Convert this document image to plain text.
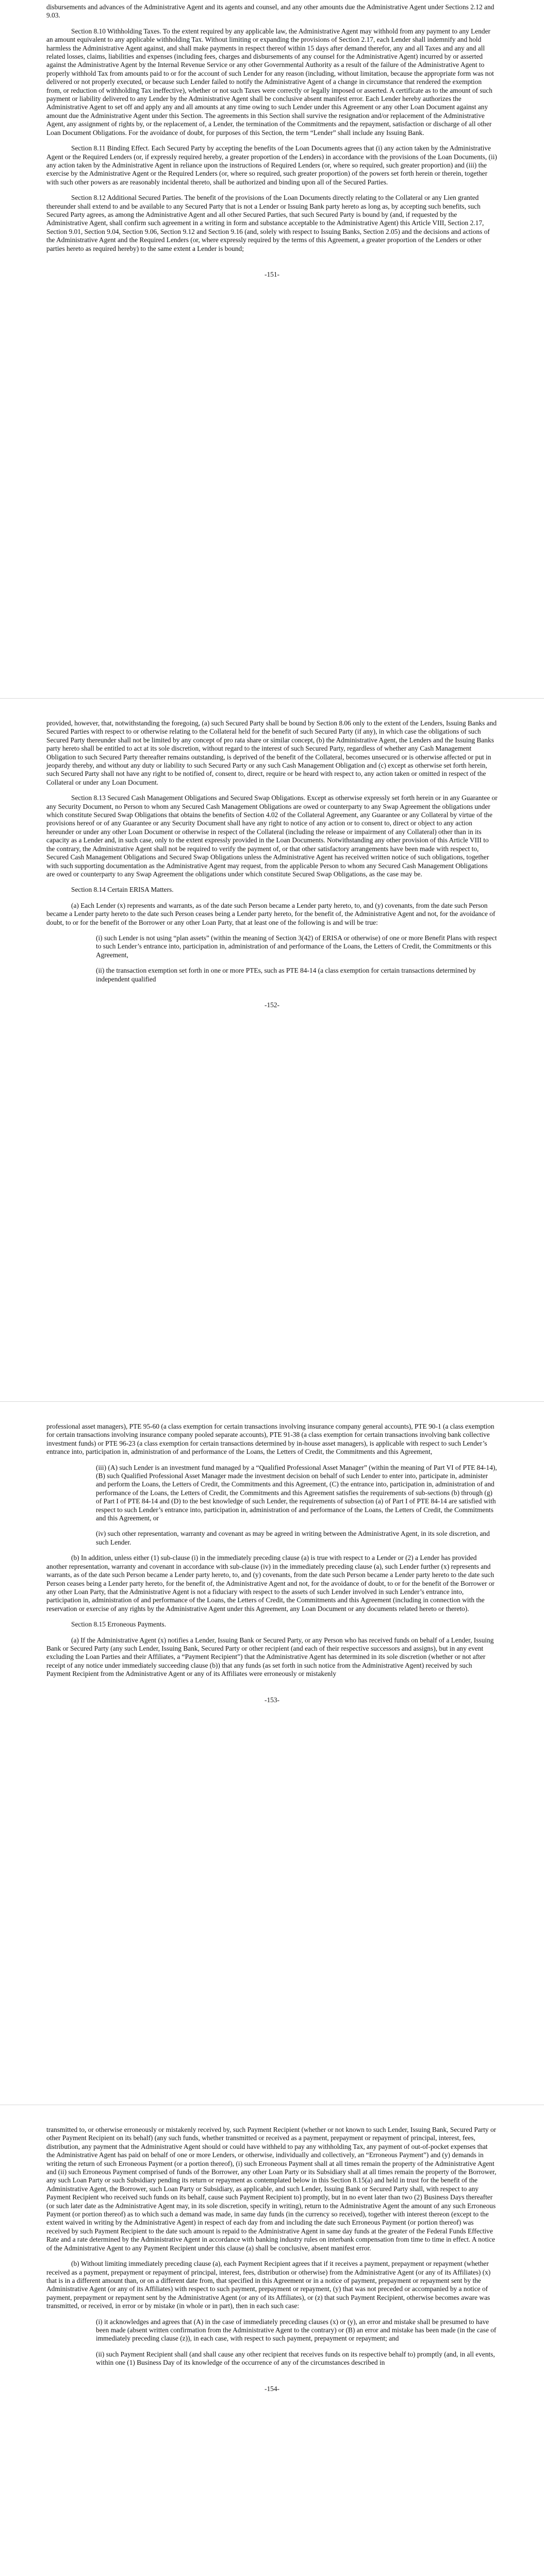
disbursements and advances of the Administrative Agent and its agents and counsel, and any other amounts due the Administrative Agent under Sections 2.12 and 9.03.

Section 8.10 Withholding Taxes. To the extent required by any applicable law, the Administrative Agent may withhold from any payment to any Lender an amount equivalent to any applicable withholding Tax. Without limiting or expanding the provisions of Section 2.17, each Lender shall indemnify and hold harmless the Administrative Agent against, and shall make payments in respect thereof within 15 days after demand therefor, any and all Taxes and any and all related losses, claims, liabilities and expenses (including fees, charges and disbursements of any counsel for the Administrative Agent) incurred by or asserted against the Administrative Agent by the Internal Revenue Service or any other Governmental Authority as a result of the failure of the Administrative Agent to properly withhold Tax from amounts paid to or for the account of such Lender for any reason (including, without limitation, because the appropriate form was not delivered or not properly executed, or because such Lender failed to notify the Administrative Agent of a change in circumstance that rendered the exemption from, or reduction of withholding Tax ineffective), whether or not such Taxes were correctly or legally imposed or asserted. A certificate as to the amount of such payment or liability delivered to any Lender by the Administrative Agent shall be conclusive absent manifest error. Each Lender hereby authorizes the Administrative Agent to set off and apply any and all amounts at any time owing to such Lender under this Agreement or any other Loan Document against any amount due the Administrative Agent under this Section. The agreements in this Section shall survive the resignation and/or replacement of the Administrative Agent, any assignment of rights by, or the replacement of, a Lender, the termination of the Commitments and the repayment, satisfaction or discharge of all other Loan Document Obligations. For the avoidance of doubt, for purposes of this Section, the term “Lender” shall include any Issuing Bank.

Section 8.11 Binding Effect. Each Secured Party by accepting the benefits of the Loan Documents agrees that (i) any action taken by the Administrative Agent or the Required Lenders (or, if expressly required hereby, a greater proportion of the Lenders) in accordance with the provisions of the Loan Documents, (ii) any action taken by the Administrative Agent in reliance upon the instructions of Required Lenders (or, where so required, such greater proportion) and (iii) the exercise by the Administrative Agent or the Required Lenders (or, where so required, such greater proportion) of the powers set forth herein or therein, together with such other powers as are reasonably incidental thereto, shall be authorized and binding upon all of the Secured Parties.

Section 8.12 Additional Secured Parties. The benefit of the provisions of the Loan Documents directly relating to the Collateral or any Lien granted thereunder shall extend to and be available to any Secured Party that is not a Lender or Issuing Bank party hereto as long as, by accepting such benefits, such Secured Party agrees, as among the Administrative Agent and all other Secured Parties, that such Secured Party is bound by (and, if requested by the Administrative Agent, shall confirm such agreement in a writing in form and substance acceptable to the Administrative Agent) this Article VIII, Section 2.17, Section 9.01, Section 9.04, Section 9.06, Section 9.12 and Section 9.16 (and, solely with respect to Issuing Banks, Section 2.05) and the decisions and actions of the Administrative Agent and the Required Lenders (or, where expressly required by the terms of this Agreement, a greater proportion of the Lenders or other parties hereto as required hereby) to the same extent a Lender is bound;

-151-

provided, however, that, notwithstanding the foregoing, (a) such Secured Party shall be bound by Section 8.06 only to the extent of the Lenders, Issuing Banks and Secured Parties with respect to or otherwise relating to the Collateral held for the benefit of such Secured Party (if any), in which case the obligations of such Secured Party thereunder shall not be limited by any concept of pro rata share or similar concept, (b) the Administrative Agent, the Lenders and the Issuing Banks party hereto shall be entitled to act at its sole discretion, without regard to the interest of such Secured Party, regardless of whether any Cash Management Obligation to such Secured Party thereafter remains outstanding, is deprived of the benefit of the Collateral, becomes unsecured or is otherwise affected or put in jeopardy thereby, and without any duty or liability to such Secured Party or any such Cash Management Obligation and (c) except as otherwise set forth herein, such Secured Party shall not have any right to be notified of, consent to, direct, require or be heard with respect to, any action taken or omitted in respect of the Collateral or under any Loan Document.

Section 8.13 Secured Cash Management Obligations and Secured Swap Obligations. Except as otherwise expressly set forth herein or in any Guarantee or any Security Document, no Person to whom any Secured Cash Management Obligations are owed or counterparty to any Swap Agreement the obligations under which constitute Secured Swap Obligations that obtains the benefits of Section 4.02 of the Collateral Agreement, any Guarantee or any Collateral by virtue of the provisions hereof or of any Guarantee or any Security Document shall have any right to notice of any action or to consent to, direct or object to any action hereunder or under any other Loan Document or otherwise in respect of the Collateral (including the release or impairment of any Collateral) other than in its capacity as a Lender and, in such case, only to the extent expressly provided in the Loan Documents. Notwithstanding any other provision of this Article VIII to the contrary, the Administrative Agent shall not be required to verify the payment of, or that other satisfactory arrangements have been made with respect to, Secured Cash Management Obligations and Secured Swap Obligations unless the Administrative Agent has received written notice of such obligations, together with such supporting documentation as the Administrative Agent may request, from the applicable Person to whom any Secured Cash Management Obligations are owed or counterparty to any Swap Agreement the obligations under which constitute Secured Swap Obligations, as the case may be.

Section 8.14 Certain ERISA Matters.

(a) Each Lender (x) represents and warrants, as of the date such Person became a Lender party hereto, to, and (y) covenants, from the date such Person became a Lender party hereto to the date such Person ceases being a Lender party hereto, for the benefit of, the Administrative Agent and not, for the avoidance of doubt, to or for the benefit of the Borrower or any other Loan Party, that at least one of the following is and will be true:

(i) such Lender is not using “plan assets” (within the meaning of Section 3(42) of ERISA or otherwise) of one or more Benefit Plans with respect to such Lender’s entrance into, participation in, administration of and performance of the Loans, the Letters of Credit, the Commitments or this Agreement,

(ii) the transaction exemption set forth in one or more PTEs, such as PTE 84-14 (a class exemption for certain transactions determined by independent qualified

-152-

professional asset managers), PTE 95-60 (a class exemption for certain transactions involving insurance company general accounts), PTE 90-1 (a class exemption for certain transactions involving insurance company pooled separate accounts), PTE 91-38 (a class exemption for certain transactions involving bank collective investment funds) or PTE 96-23 (a class exemption for certain transactions determined by in-house asset managers), is applicable with respect to such Lender’s entrance into, participation in, administration of and performance of the Loans, the Letters of Credit, the Commitments and this Agreement,

(iii) (A) such Lender is an investment fund managed by a “Qualified Professional Asset Manager” (within the meaning of Part VI of PTE 84-14), (B) such Qualified Professional Asset Manager made the investment decision on behalf of such Lender to enter into, participate in, administer and perform the Loans, the Letters of Credit, the Commitments and this Agreement, (C) the entrance into, participation in, administration of and performance of the Loans, the Letters of Credit, the Commitments and this Agreement satisfies the requirements of sub-sections (b) through (g) of Part I of PTE 84-14 and (D) to the best knowledge of such Lender, the requirements of subsection (a) of Part I of PTE 84-14 are satisfied with respect to such Lender’s entrance into, participation in, administration of and performance of the Loans, the Letters of Credit, the Commitments and this Agreement, or

(iv) such other representation, warranty and covenant as may be agreed in writing between the Administrative Agent, in its sole discretion, and such Lender.

(b) In addition, unless either (1) sub-clause (i) in the immediately preceding clause (a) is true with respect to a Lender or (2) a Lender has provided another representation, warranty and covenant in accordance with sub-clause (iv) in the immediately preceding clause (a), such Lender further (x) represents and warrants, as of the date such Person became a Lender party hereto, to, and (y) covenants, from the date such Person became a Lender party hereto to the date such Person ceases being a Lender party hereto, for the benefit of, the Administrative Agent and not, for the avoidance of doubt, to or for the benefit of the Borrower or any other Loan Party, that the Administrative Agent is not a fiduciary with respect to the assets of such Lender involved in such Lender’s entrance into, participation in, administration of and performance of the Loans, the Letters of Credit, the Commitments and this Agreement (including in connection with the reservation or exercise of any rights by the Administrative Agent under this Agreement, any Loan Document or any documents related hereto or thereto).

Section 8.15 Erroneous Payments.

(a) If the Administrative Agent (x) notifies a Lender, Issuing Bank or Secured Party, or any Person who has received funds on behalf of a Lender, Issuing Bank or Secured Party (any such Lender, Issuing Bank, Secured Party or other recipient (and each of their respective successors and assigns), but in any event excluding the Loan Parties and their Affiliates, a “Payment Recipient”) that the Administrative Agent has determined in its sole discretion (whether or not after receipt of any notice under immediately succeeding clause (b)) that any funds (as set forth in such notice from the Administrative Agent) received by such Payment Recipient from the Administrative Agent or any of its Affiliates were erroneously or mistakenly

-153-

transmitted to, or otherwise erroneously or mistakenly received by, such Payment Recipient (whether or not known to such Lender, Issuing Bank, Secured Party or other Payment Recipient on its behalf) (any such funds, whether transmitted or received as a payment, prepayment or repayment of principal, interest, fees, distribution, any payment that the Administrative Agent should or could have withheld to pay any withholding Tax, any payment of out-of-pocket expenses that the Administrative Agent has paid on behalf of one or more Lenders, or otherwise, individually and collectively, an “Erroneous Payment”) and (y) demands in writing the return of such Erroneous Payment (or a portion thereof), (i) such Erroneous Payment shall at all times remain the property of the Administrative Agent and (ii) such Erroneous Payment comprised of funds of the Borrower, any other Loan Party or its Subsidiary shall at all times remain the property of the Borrower, any such Loan Party or such Subsidiary pending its return or repayment as contemplated below in this Section 8.15(a) and held in trust for the benefit of the Administrative Agent, the Borrower, such Loan Party or Subsidiary, as applicable, and such Lender, Issuing Bank or Secured Party shall, with respect to any Payment Recipient who received such funds on its behalf, cause such Payment Recipient to) promptly, but in no event later than two (2) Business Days thereafter (or such later date as the Administrative Agent may, in its sole discretion, specify in writing), return to the Administrative Agent the amount of any such Erroneous Payment (or portion thereof) as to which such a demand was made, in same day funds (in the currency so received), together with interest thereon (except to the extent waived in writing by the Administrative Agent) in respect of each day from and including the date such Erroneous Payment (or portion thereof) was received by such Payment Recipient to the date such amount is repaid to the Administrative Agent in same day funds at the greater of the Federal Funds Effective Rate and a rate determined by the Administrative Agent in accordance with banking industry rules on interbank compensation from time to time in effect. A notice of the Administrative Agent to any Payment Recipient under this clause (a) shall be conclusive, absent manifest error.

(b) Without limiting immediately preceding clause (a), each Payment Recipient agrees that if it receives a payment, prepayment or repayment (whether received as a payment, prepayment or repayment of principal, interest, fees, distribution or otherwise) from the Administrative Agent (or any of its Affiliates) (x) that is in a different amount than, or on a different date from, that specified in this Agreement or in a notice of payment, prepayment or repayment sent by the Administrative Agent (or any of its Affiliates) with respect to such payment, prepayment or repayment, (y) that was not preceded or accompanied by a notice of payment, prepayment or repayment sent by the Administrative Agent (or any of its Affiliates), or (z) that such Payment Recipient, otherwise becomes aware was transmitted, or received, in error or by mistake (in whole or in part), then in each such case:

(i) it acknowledges and agrees that (A) in the case of immediately preceding clauses (x) or (y), an error and mistake shall be presumed to have been made (absent written confirmation from the Administrative Agent to the contrary) or (B) an error and mistake has been made (in the case of immediately preceding clause (z)), in each case, with respect to such payment, prepayment or repayment; and

(ii) such Payment Recipient shall (and shall cause any other recipient that receives funds on its respective behalf to) promptly (and, in all events, within one (1) Business Day of its knowledge of the occurrence of any of the circumstances described in

-154-
